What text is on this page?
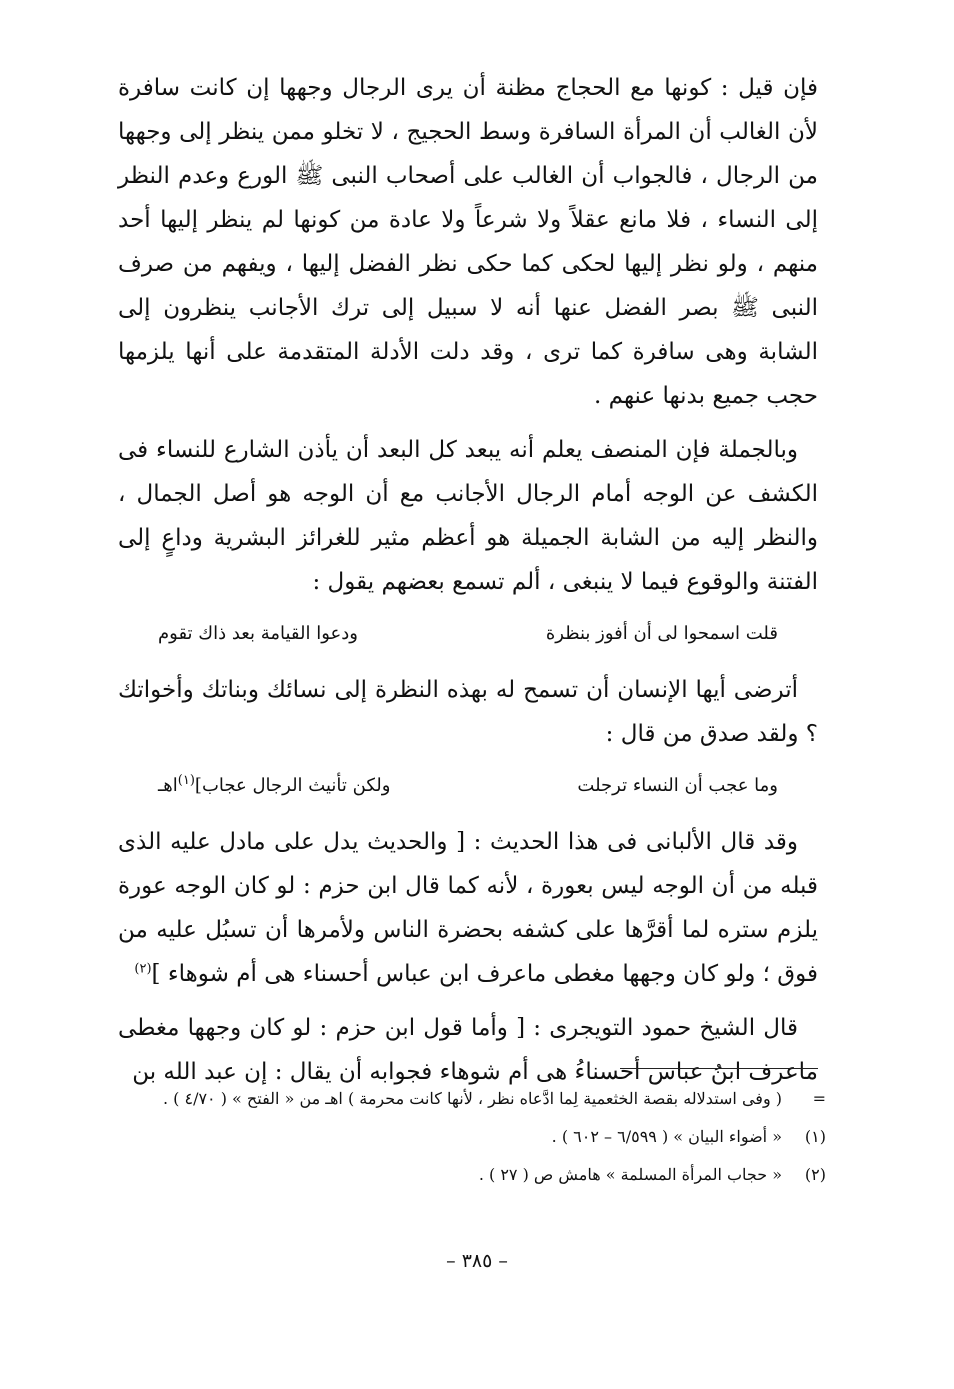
فإن قيل : كونها مع الحجاج مظنة أن يرى الرجال وجهها إن كانت سافرة لأن الغالب أن المرأة السافرة وسط الحجيج ، لا تخلو ممن ينظر إلى وجهها من الرجال ، فالجواب أن الغالب على أصحاب النبى ﷺ الورع وعدم النظر إلى النساء ، فلا مانع عقلاً ولا شرعاً ولا عادة من كونها لم ينظر إليها أحد منهم ، ولو نظر إليها لحكى كما حكى نظر الفضل إليها ، ويفهم من صرف النبى ﷺ بصر الفضل عنها أنه لا سبيل إلى ترك الأجانب ينظرون إلى الشابة وهى سافرة كما ترى ، وقد دلت الأدلة المتقدمة على أنها يلزمها حجب جميع بدنها عنهم .

وبالجملة فإن المنصف يعلم أنه يبعد كل البعد أن يأذن الشارع للنساء فى الكشف عن الوجه أمام الرجال الأجانب مع أن الوجه هو أصل الجمال ، والنظر إليه من الشابة الجميلة هو أعظم مثير للغرائز البشرية وداعٍ إلى الفتنة والوقوع فيما لا ينبغى ، ألم تسمع بعضهم يقول :

قلت اسمحوا لى أن أفوز بنظرة
ودعوا القيامة بعد ذاك تقوم

أترضى أيها الإنسان أن تسمح له بهذه النظرة إلى نسائك وبناتك وأخواتك ؟ ولقد صدق من قال :

وما عجب أن النساء ترجلت
ولكن تأنيث الرجال عجاب]$^{(١)}$اهـ

وقد قال الألبانى فى هذا الحديث : [ والحديث يدل على مادل عليه الذى قبله من أن الوجه ليس بعورة ، لأنه كما قال ابن حزم : لو كان الوجه عورة يلزم ستره لما أقرَّها على كشفه بحضرة الناس ولأمرها أن تسبُل عليه من فوق ؛ ولو كان وجهها مغطى ماعرف ابن عباس أحسناء هى أم شوهاء ]$^{(٢)}$

قال الشيخ حمود التويجرى : [ وأما قول ابن حزم : لو كان وجهها مغطى ماعرف ابنُ عباس أحسناءُ هى أم شوهاء فجوابه أن يقال : إن عبد الله بن

=
( وفى استدلاله بقصة الخثعمية لِما ادَّعاه نظر ، لأنها كانت محرمة ) اهـ من « الفتح » ( ٤/٧٠ ) .
(١)
« أضواء البيان » ( ٦/٥٩٩ – ٦٠٢ ) .
(٢)
« حجاب المرأة المسلمة » هامش ص ( ٢٧ ) .
– ٣٨٥ –
